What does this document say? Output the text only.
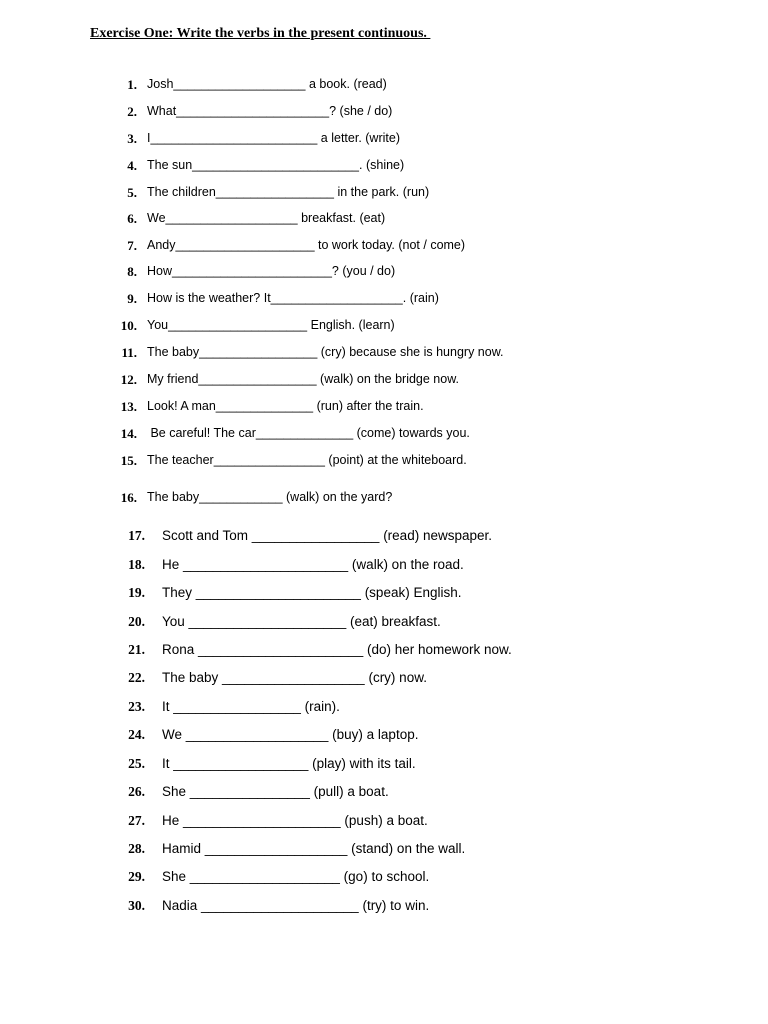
Exercise One: Write the verbs in the present continuous.
1. Josh___________________ a book. (read)
2. What______________________? (she / do)
3. I________________________ a letter. (write)
4. The sun________________________. (shine)
5. The children_________________ in the park. (run)
6. We___________________ breakfast. (eat)
7. Andy____________________ to work today. (not / come)
8. How_______________________? (you / do)
9. How is the weather? It___________________. (rain)
10. You____________________ English. (learn)
11. The baby_________________ (cry) because she is hungry now.
12. My friend_________________ (walk) on the bridge now.
13. Look! A man______________ (run) after the train.
14. Be careful! The car______________ (come) towards you.
15. The teacher________________ (point) at the whiteboard.
16. The baby____________ (walk) on the yard?
17. Scott and Tom _________________ (read) newspaper.
18. He ______________________ (walk) on the road.
19. They ______________________ (speak) English.
20. You _____________________ (eat) breakfast.
21. Rona ______________________ (do) her homework now.
22. The baby ___________________ (cry) now.
23. It _________________ (rain).
24. We ___________________ (buy) a laptop.
25. It __________________ (play) with its tail.
26. She ________________ (pull) a boat.
27. He _____________________ (push) a boat.
28. Hamid ___________________ (stand) on the wall.
29. She ____________________ (go) to school.
30. Nadia _____________________ (try) to win.
